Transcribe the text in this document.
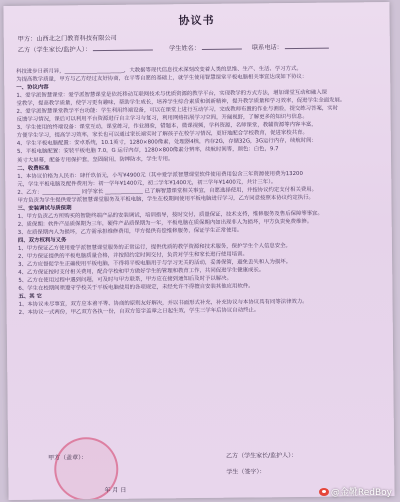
协议书
甲方：山西北之门教育科技有限公司
乙方（学生家长/监护人）：	学生姓名：	联系电话：

科技进步日新月异，______________________，大数据等现代信息技术深刻改变着人类的思维、生产、生活、学习方式。

为提高教学质量，甲方与乙方经过友好协商，在平等自愿的基础上，就学生使用智慧课堂平板电脑相关事宜达成如下协议：

一、协议内容

1、爱学派智慧课堂：爱学派智慧课堂是依托移动互联网技术与优质资源的教学平台，实现教学的方式方法，增加课堂互动和融入课

堂教学，提高教学质量，使学习更有趣味，帮助学生成长，培养学生综合素质和创新精神，提升教学质量和学习效率，促进学生全面发展。

2、爱学派智慧课堂教学平台功能：学生利用终端设备，可以在课堂上进行互动学习，完成教师布置的作业与测验，提交练习答案，实时

反馈学习情况，课后可以利用平台资源进行自主学习与复习，利用网络拓展学习空间，开阔视野，了解更多的知识与信息。

3、学生使用的终端设备：课堂互动，课堂练习，作业测验，错题本，微课视频，学科资源，名师课堂，教辅资源等内容丰富，

方便学生学习，提高学习效率，家长也可以通过家长端实时了解孩子在校学习情况，更好地配合学校教育，促进家校共育。

4、学生平板电脑配置：安卓系统，10.1英寸，1280×800像素，处理器4核，内存2G，存储32G，3G运行内存，续航时间：

5、平板电脑配置：安装平板电脑 7.0，G 运行内存，1280×800像素分辨率，续航时间等，颜色：白色，9.7

英寸大屏幕，配备专用保护套，坚固耐用，防摔防水，学生专用。

二、收费标准

1、本协议价格为人民币：肆仟玖佰元，小写¥4900元（其中爱学派智慧课堂软件使用费用包含三年资源使用费为13200

元，学生平板电脑及配件费用为：初一学年¥1400元，初二学年¥1400元，初三学年¥1400元，共计三年）。

2、乙方：______________ 同学家长 ______________ 已了解智慧课堂相关事宜，自愿选择使用，并按协议约定支付相关费用。

甲方负责为学生提供爱学派智慧课堂服务及平板电脑，学生在校期间使用平板电脑进行学习，乙方同意按照本协议约定执行。

三、安装调试与质保期

1、甲方负责乙方所购买的智能终端产品的安装调试，培训指导，按时交付，质量保证，技术支持，维修服务及售后保障等事宜。

2、质保期：软件产品质保期为三年，硬件产品质保期为一年，平板电脑在质保期内如出现非人为损坏，甲方负责免费维修。

3、在质保期内人为损坏，乙方需承担维修费用，甲方提供有偿维修服务，保证学生正常使用。

四、双方权利与义务

1、甲方保证乙方使用爱学派智慧课堂服务的正常运行，提供优质的教学资源和技术服务，保护学生个人信息安全。

2、甲方保证提供的平板电脑质量合格，并按照约定时间交付，负责对学生和家长进行使用培训。

3、乙方应督促学生正确使用平板电脑，不得将平板电脑用于与学习无关的活动，妥善保管，避免丢失和人为损坏。

4、乙方保证按时支付相关费用，配合学校和甲方做好学生的管理和教育工作，共同促进学生健康成长。

5、乙方在使用过程中遇到问题，可及时与甲方联系，甲方应在接到通知后及时予以解决。

6、学生在校期间须遵守学校关于平板电脑使用的各项规定，未经允许不得擅自安装其他应用软件。

五、其 它

1、本协议未尽事宜，双方应本着平等、协商的原则友好解决，并以书面形式补充，补充协议与本协议具有同等法律效力。

2、本协议一式两份，甲乙双方各执一份，自双方签字盖章之日起生效，学生三学年后协议自动终止。

甲方（盖章）：	乙方（学生家长/监护人）：
学生（签字）：
年 月 日	@金靴RedBoy
